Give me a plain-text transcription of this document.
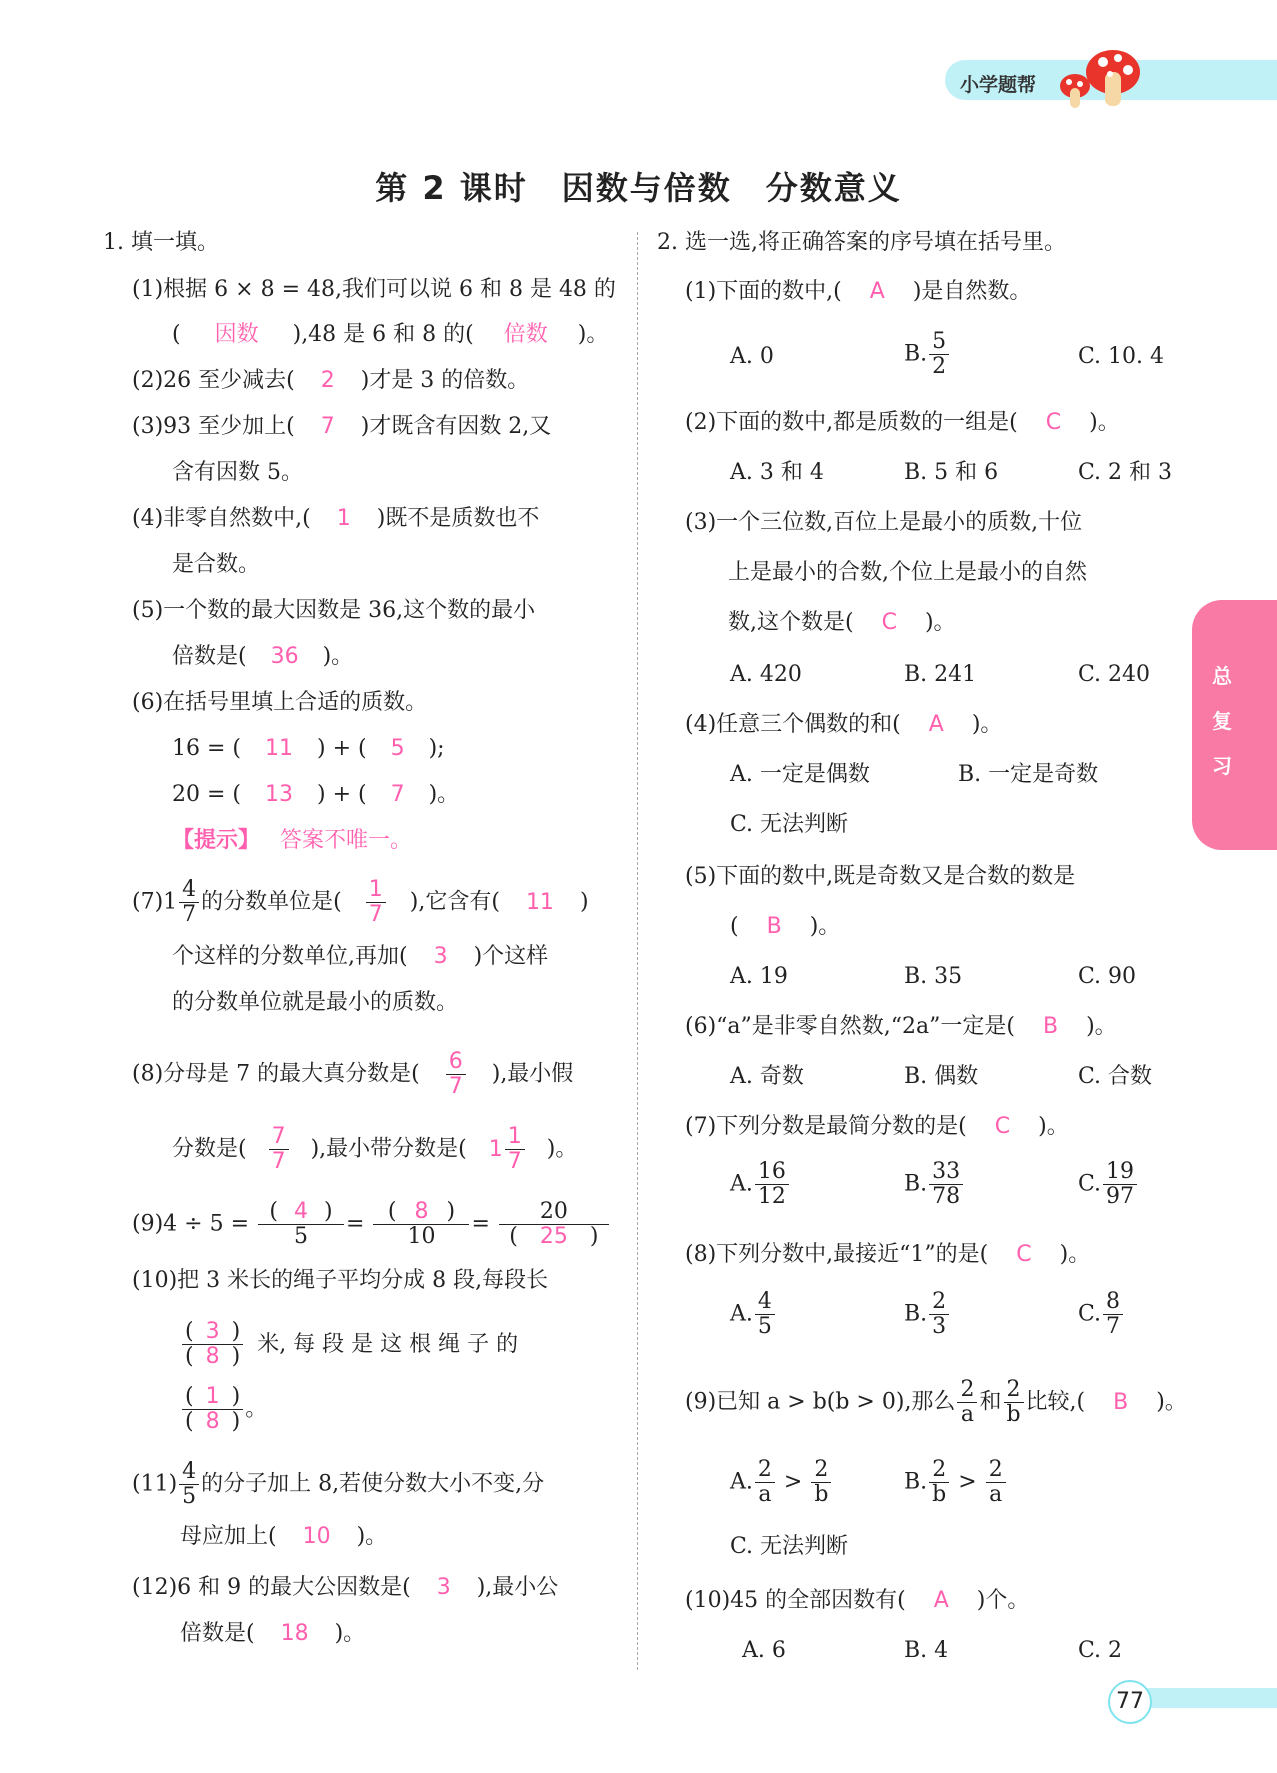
小学题帮
第 2 课时　因数与倍数　分数意义
总
复
习
77
1. 填一填。
(1)根据 6 × 8 = 48,我们可以说 6 和 8 是 48 的
( 因数 ),48 是 6 和 8 的( 倍数 )。
(2)26 至少减去( 2 )才是 3 的倍数。
(3)93 至少加上( 7 )才既含有因数 2,又
含有因数 5。
(4)非零自然数中,( 1 )既不是质数也不
是合数。
(5)一个数的最大因数是 36,这个数的最小
倍数是( 36 )。
(6)在括号里填上合适的质数。
16 = ( 11 ) + ( 5 );
20 = ( 13 ) + ( 7 )。
【提示】 答案不唯一。
$(7)1 \frac{4}{7}$ 的分数单位是( $\frac{1}{7}$ ),它含有( 11 )
个这样的分数单位,再加( 3 )个这样
的分数单位就是最小的质数。
(8)分母是 7 的最大真分数是( $\frac{6}{7}$ ),最小假
分数是( $\frac{7}{7}$ ),最小带分数是( $1 \frac{1}{7}$ )。
$(9)4 \div 5 = \frac{( 4 )}{5} = \frac{( 8 )}{10} = \frac{20}{( 25 )}$
(10)把 3 米长的绳子平均分成 8 段,每段长
$\frac{( 3 )}{( 8 )}$ 米, 每 段 是 这 根 绳 子 的
$\frac{( 1 )}{( 8 )}$ 。
$(11) \frac{4}{5}$ 的分子加上 8,若使分数大小不变,分
母应加上( 10 )。
(12)6 和 9 的最大公因数是( 3 ),最小公
倍数是( 18 )。
2. 选一选,将正确答案的序号填在括号里。
(1)下面的数中,( A )是自然数。
A. 0	B. $\frac{5}{2}$	C. 10. 4
(2)下面的数中,都是质数的一组是( C )。
A. 3 和 4	B. 5 和 6	C. 2 和 3
(3)一个三位数,百位上是最小的质数,十位
上是最小的合数,个位上是最小的自然
数,这个数是( C )。
A. 420	B. 241	C. 240
(4)任意三个偶数的和( A )。
A. 一定是偶数	B. 一定是奇数
C. 无法判断
(5)下面的数中,既是奇数又是合数的数是
( B )。
A. 19	B. 35	C. 90
(6)“a”是非零自然数,“2a”一定是( B )。
A. 奇数	B. 偶数	C. 合数
(7)下列分数是最简分数的是( C )。
A. $\frac{16}{12}$	B. $\frac{33}{78}$	C. $\frac{19}{97}$
(8)下列分数中,最接近“1”的是( C )。
A. $\frac{4}{5}$	B. $\frac{2}{3}$	C. $\frac{8}{7}$
(9)已知 a > b(b > 0),那么 $\frac{2}{a}$ 和 $\frac{2}{b}$ 比较,( B )。
A. $\frac{2}{a} > \frac{2}{b}$	B. $\frac{2}{b} > \frac{2}{a}$
C. 无法判断
(10)45 的全部因数有( A )个。
A. 6	B. 4	C. 2
